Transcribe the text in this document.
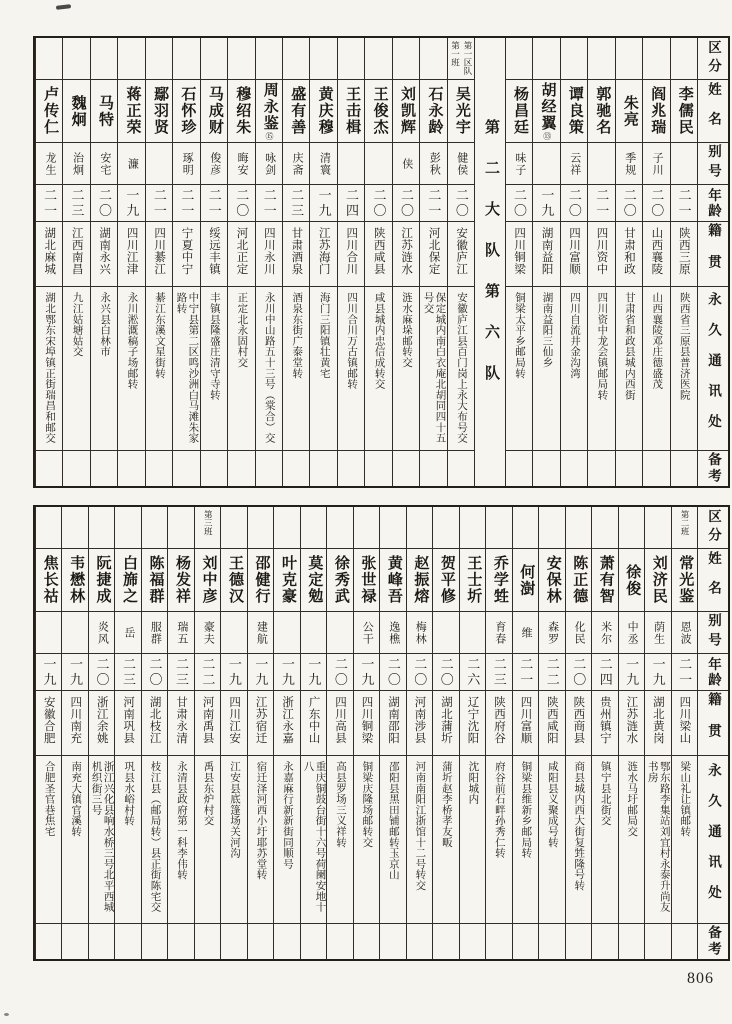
区分
姓名
别号
年龄
籍贯
永久通讯处
备考
李儒民
二一
陕西三原
陕西省三原县普济医院
阎兆瑞
子川
二〇
山西襄陵
山西襄陵邓庄德盛茂
朱亮
季规
二〇
甘肃和政
甘肃省和政县城内西街
郭驰名
二一
四川资中
四川资中龙会镇邮局转
谭良策
云祥
二〇
四川富顺
四川自流井金沟湾
胡经翼
⑬
一九
湖南益阳
湖南益阳三仙乡
杨昌廷
味子
二〇
四川铜梁
铜梁太平乡邮局转
第二大队第六队
第一区队
第一班
吴光宇
健侯
二〇
安徽庐江
安徽庐江县百门岗上永大布号交
石永龄
彭秋
二一
河北保定
保定城内南白衣庵北胡同四十五号交
刘凯辉
侠
二〇
江苏涟水
涟水麻垛邮转交
王俊杰
二〇
陕西咸县
咸县城内忠信成转交
王击楫
二四
四川合川
四川合川万古镇邮转
黄庆穆
清寰
一九
江苏海门
海门三阳镇壮黄宅
盛有善
庆斋
二三
甘肃酒泉
酒泉东街广泰堂转
周永鉴
⑮
咏剑
二一
四川永川
永川中山路五十三号（棠合）交
穆绍朱
晦安
二〇
河北正定
正定北永固村交
马成财
俊彦
二一
绥远丰镇
丰镇县隆盛庄清守寺转
石怀珍
琢明
二一
宁夏中宁
中宁县第二区鸣沙洲白马滩朱家路转
鄢羽贤
二一
四川綦江
綦江东溪文星街转
蒋正荣
濂
一九
四川江津
永川淞溉稿子场邮转
马特
安宅
二〇
湖南永兴
永兴县白林市
魏炯
治炯
二三
江西南昌
九江姑塘姑交
卢传仁
龙生
二一
湖北麻城
湖北鄂东宋埠镇正街瑞昌和邮交
区分
姓名
别号
年龄
籍贯
永久通讯处
备考
第二班
常光鉴
恩波
二一
四川梁山
梁山礼让镇邮转
刘济民
荫生
一九
湖北黄岗
鄂东路李集站刘宜村永泰升尚友书房
徐俊
中丞
一九
江苏涟水
涟水马圩邮局交
萧有智
米尔
二四
贵州镇宁
镇宁县北街交
陈正德
化民
二〇
陕西商县
商县城内西大街复甡隆号转
安保林
森罗
二二
陕西咸阳
咸阳县义聚成号转
何澍
维
二一
四川富顺
铜梁县维新乡邮局转
乔学甡
育春
二三
陕西府谷
府谷前石畔孙秀仁转
王士圻
二六
辽宁沈阳
沈阳城内
贺平修
二〇
湖北蒲圻
蒲圻赵李桥孝友畈
赵振熔
梅林
二〇
河南涉县
河南南阳江浙馆十二号转交
黄峰吾
逸樵
二〇
湖南邵阳
邵阳县黑田铺邮转玉京山
张世禄
公干
一九
四川铜梁
铜梁庆隆场邮转交
徐秀武
二〇
四川高县
高县罗场三义祥转
莫定勉
一九
广东中山
重庆铜鼓台街十六号荷阑安地十八
叶克豪
一九
浙江永嘉
永嘉麻行新新街同顺号
邵健行
建航
一九
江苏宿迁
宿迁泽河西小圩耶苏堂转
王德汉
一九
四川江安
江安县底篷场关河沟
第三班
刘中彦
豪夫
二二
河南禹县
禹县东炉村交
杨发祥
瑞五
二三
甘肃永清
永清县政府第一科李伟转
陈福群
服群
二〇
湖北枝江
枝江县（邮局转）县正街陈宅交
白旆之
岳
二三
河南巩县
巩县水峪村转
阮捷成
炎风
二〇
浙江余姚
浙江兴化县响水桥三号北平西城机织街三号
韦懋林
一九
四川南充
南充大镇官溪转
焦长祜
一九
安徽合肥
合肥圣官巷焦宅
806
